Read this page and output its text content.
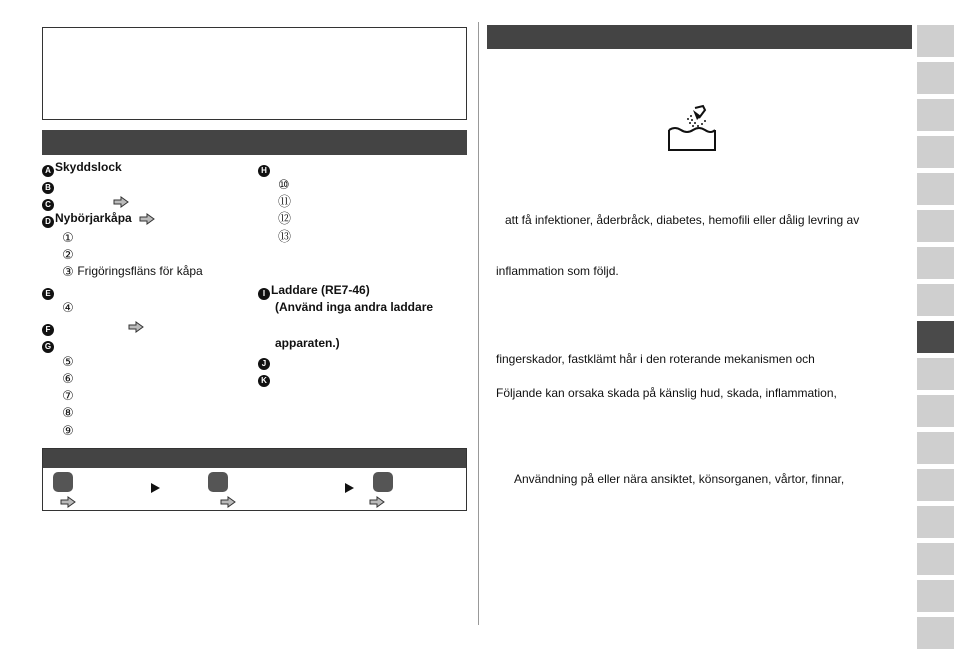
A Skyddslock
B
C
D Nybörjarkåpa
①
②
③ Frigöringsfläns för kåpa
E
④
F
G
⑤
⑥
⑦
⑧
⑨
H
⑩
⑪
⑫
⑬
I Laddare (RE7-46)
(Använd inga andra laddare
apparaten.)
J
K
att få infektioner, åderbråck, diabetes, hemofili eller dålig levring av
inflammation som följd.
fingerskador, fastklämt hår i den roterande mekanismen och
Följande kan orsaka skada på känslig hud, skada, inflammation,
Användning på eller nära ansiktet, könsorganen, vårtor, finnar,
